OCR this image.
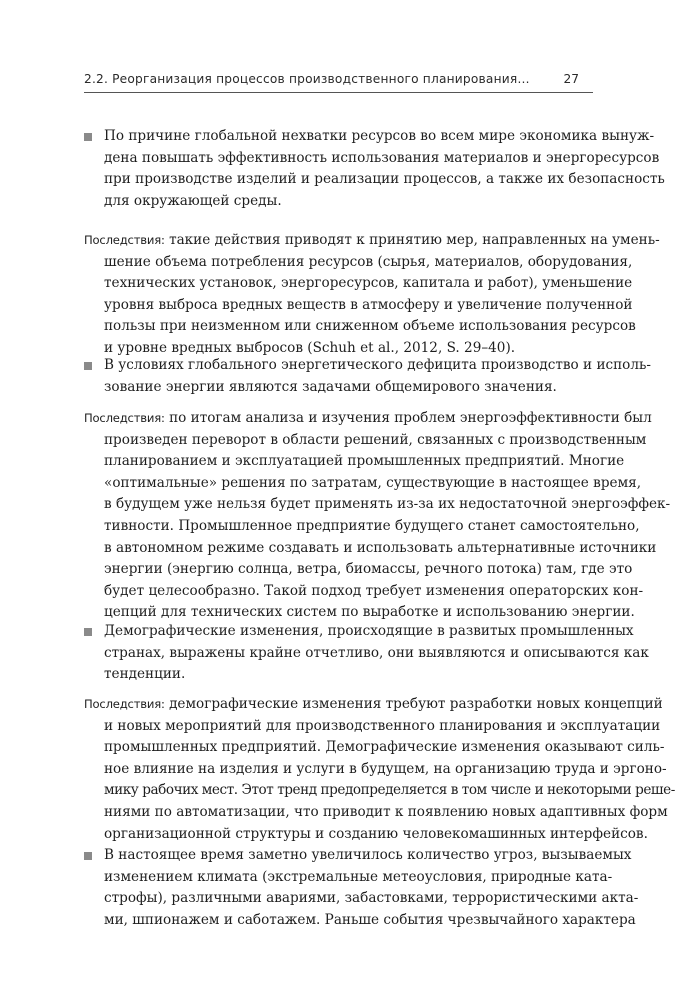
2.2. Реорганизация процессов производственного планирования…	27
По причине глобальной нехватки ресурсов во всем мире экономика вынуж-
дена повышать эффективность использования материалов и энергоресурсов
при производстве изделий и реализации процессов, а также их безопасность
для окружающей среды.
Последствия: такие действия приводят к принятию мер, направленных на умень-
шение объема потребления ресурсов (сырья, материалов, оборудования,
технических установок, энергоресурсов, капитала и работ), уменьшение
уровня выброса вредных веществ в атмосферу и увеличение полученной
пользы при неизменном или сниженном объеме использования ресурсов
и уровне вредных выбросов (Schuh et al., 2012, S. 29–40).
В условиях глобального энергетического дефицита производство и исполь-
зование энергии являются задачами общемирового значения.
Последствия: по итогам анализа и изучения проблем энергоэффективности был
произведен переворот в области решений, связанных с производственным
планированием и эксплуатацией промышленных предприятий. Многие
«оптимальные» решения по затратам, существующие в настоящее время,
в будущем уже нельзя будет применять из-за их недостаточной энергоэффек-
тивности. Промышленное предприятие будущего станет самостоятельно,
в автономном режиме создавать и использовать альтернативные источники
энергии (энергию солнца, ветра, биомассы, речного потока) там, где это
будет целесообразно. Такой подход требует изменения операторских кон-
цепций для технических систем по выработке и использованию энергии.
Демографические изменения, происходящие в развитых промышленных
странах, выражены крайне отчетливо, они выявляются и описываются как
тенденции.
Последствия: демографические изменения требуют разработки новых концепций
и новых мероприятий для производственного планирования и эксплуатации
промышленных предприятий. Демографические изменения оказывают силь-
ное влияние на изделия и услуги в будущем, на организацию труда и эргоно-
мику рабочих мест. Этот тренд предопределяется в том числе и некоторыми реше-
ниями по автоматизации, что приводит к появлению новых адаптивных форм
организационной структуры и созданию человекомашинных интерфейсов.
В настоящее время заметно увеличилось количество угроз, вызываемых
изменением климата (экстремальные метеоусловия, природные ката-
строфы), различными авариями, забастовками, террористическими акта-
ми, шпионажем и саботажем. Раньше события чрезвычайного характера
